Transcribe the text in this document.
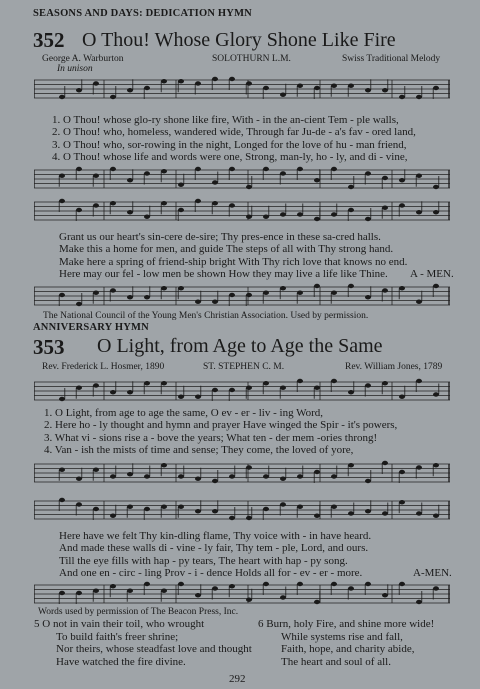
SEASONS AND DAYS: DEDICATION HYMN
352 O Thou! Whose Glory Shone Like Fire
George A. Warburton	SOLOTHURN L.M.	Swiss Traditional Melody
In unison
1. O Thou! whose glo-ry shone like fire, With - in the an-cient Tem - ple walls,
2. O Thou! who, homeless, wandered wide, Through far Ju-de - a's fav - ored land,
3. O Thou! who, sor-rowing in the night, Longed for the love of hu - man friend,
4. O Thou! whose life and words were one, Strong, man-ly, ho - ly, and di - vine,
Grant us our heart's sin-cere de-sire; Thy pres-ence in these sa-cred halls.
Make this a home for men, and guide The steps of all with Thy strong hand.
Make here a spring of friend-ship bright With Thy rich love that knows no end.
Here may our fel - low men be shown How they may live a life like Thine.	A - MEN.
The National Council of the Young Men's Christian Association. Used by permission.
ANNIVERSARY HYMN
353 O Light, from Age to Age the Same
Rev. Frederick L. Hosmer, 1890	ST. STEPHEN C. M.	Rev. William Jones, 1789
1. O Light, from age to age the same, O ev - er - liv - ing Word,
2. Here ho - ly thought and hymn and prayer Have winged the Spir - it's powers,
3. What vi - sions rise a - bove the years; What ten - der mem -ories throng!
4. Van - ish the mists of time and sense; They come, the loved of yore,
Here have we felt Thy kin-dling flame, Thy voice with - in have heard.
And made these walls di - vine - ly fair, Thy tem - ple, Lord, and ours.
Till the eye fills with hap - py tears, The heart with hap - py song.
And one en - circ - ling Prov - i - dence Holds all for - ev - er - more.	A-MEN.
Words used by permission of The Beacon Press, Inc.
5 O not in vain their toil, who wrought
To build faith's freer shrine;
Nor theirs, whose steadfast love and thought
Have watched the fire divine.
6 Burn, holy Fire, and shine more wide!
While systems rise and fall,
Faith, hope, and charity abide,
The heart and soul of all.
292
